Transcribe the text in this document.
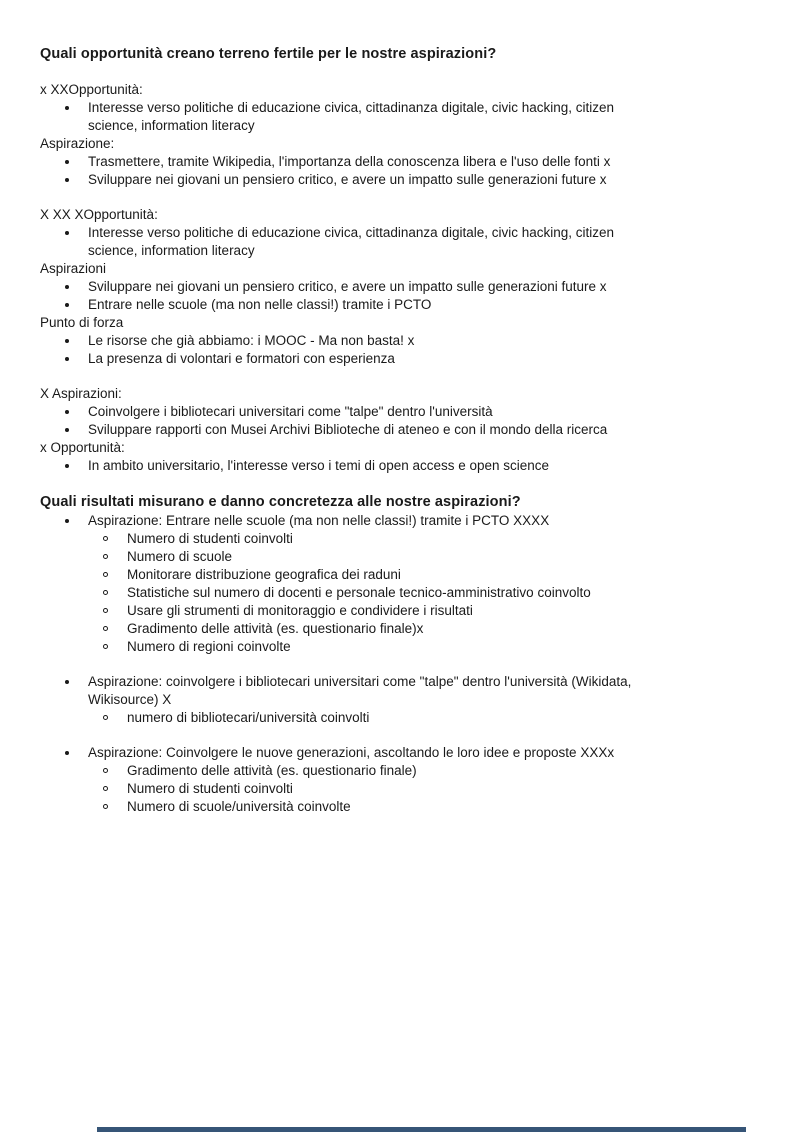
Quali opportunità creano terreno fertile per le nostre aspirazioni?
x XXOpportunità:
Interesse verso politiche di educazione civica, cittadinanza digitale, civic hacking, citizen
science, information literacy
Aspirazione:
Trasmettere, tramite Wikipedia, l'importanza della conoscenza libera e l'uso delle fonti x
Sviluppare nei giovani un pensiero critico, e avere un impatto sulle generazioni future x
X XX XOpportunità:
Interesse verso politiche di educazione civica, cittadinanza digitale, civic hacking, citizen
science, information literacy
Aspirazioni
Sviluppare nei giovani un pensiero critico, e avere un impatto sulle generazioni future x
Entrare nelle scuole (ma non nelle classi!) tramite i PCTO
Punto di forza
Le risorse che già abbiamo: i MOOC - Ma non basta! x
La presenza di volontari e formatori con esperienza
X Aspirazioni:
Coinvolgere i bibliotecari universitari come "talpe" dentro l'università
Sviluppare rapporti con Musei Archivi Biblioteche di ateneo e con il mondo della ricerca
x Opportunità:
In ambito universitario, l'interesse verso i temi di open access e open science
Quali risultati misurano e danno concretezza alle nostre aspirazioni?
Aspirazione: Entrare nelle scuole (ma non nelle classi!) tramite i PCTO XXXX
Numero di studenti coinvolti
Numero di scuole
Monitorare distribuzione geografica dei raduni
Statistiche sul numero di docenti e personale tecnico-amministrativo coinvolto
Usare gli strumenti di monitoraggio e condividere i risultati
Gradimento delle attività (es. questionario finale)x
Numero di regioni coinvolte
Aspirazione: coinvolgere i bibliotecari universitari come "talpe" dentro l'università (Wikidata,
Wikisource) X
numero di bibliotecari/università coinvolti
Aspirazione: Coinvolgere le nuove generazioni, ascoltando le loro idee e proposte XXXx
Gradimento delle attività (es. questionario finale)
Numero di studenti coinvolti
Numero di scuole/università coinvolte
